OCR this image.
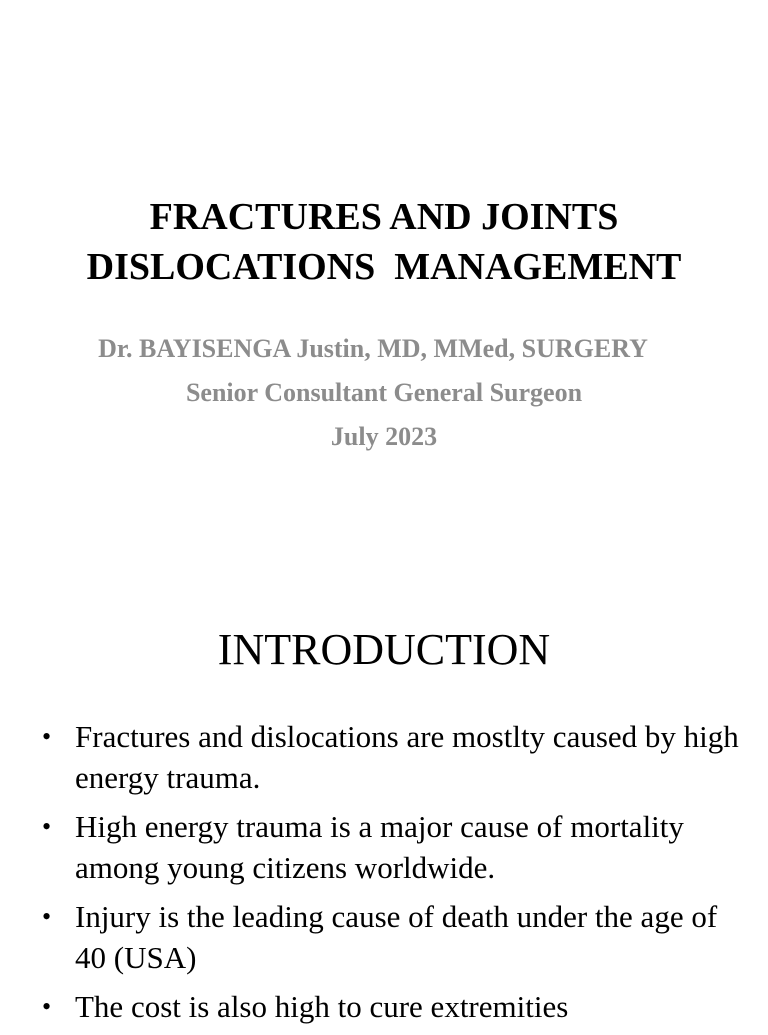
FRACTURES AND JOINTS
DISLOCATIONS  MANAGEMENT
Dr. BAYISENGA Justin, MD, MMed, SURGERY
Senior Consultant General Surgeon
July 2023
INTRODUCTION
• Fractures and dislocations are mostlty caused by high energy trauma.
• High energy trauma is a major cause of mortality among young citizens worldwide.
• Injury is the leading cause of death under the age of 40 (USA)
• The cost is also high to cure extremities
